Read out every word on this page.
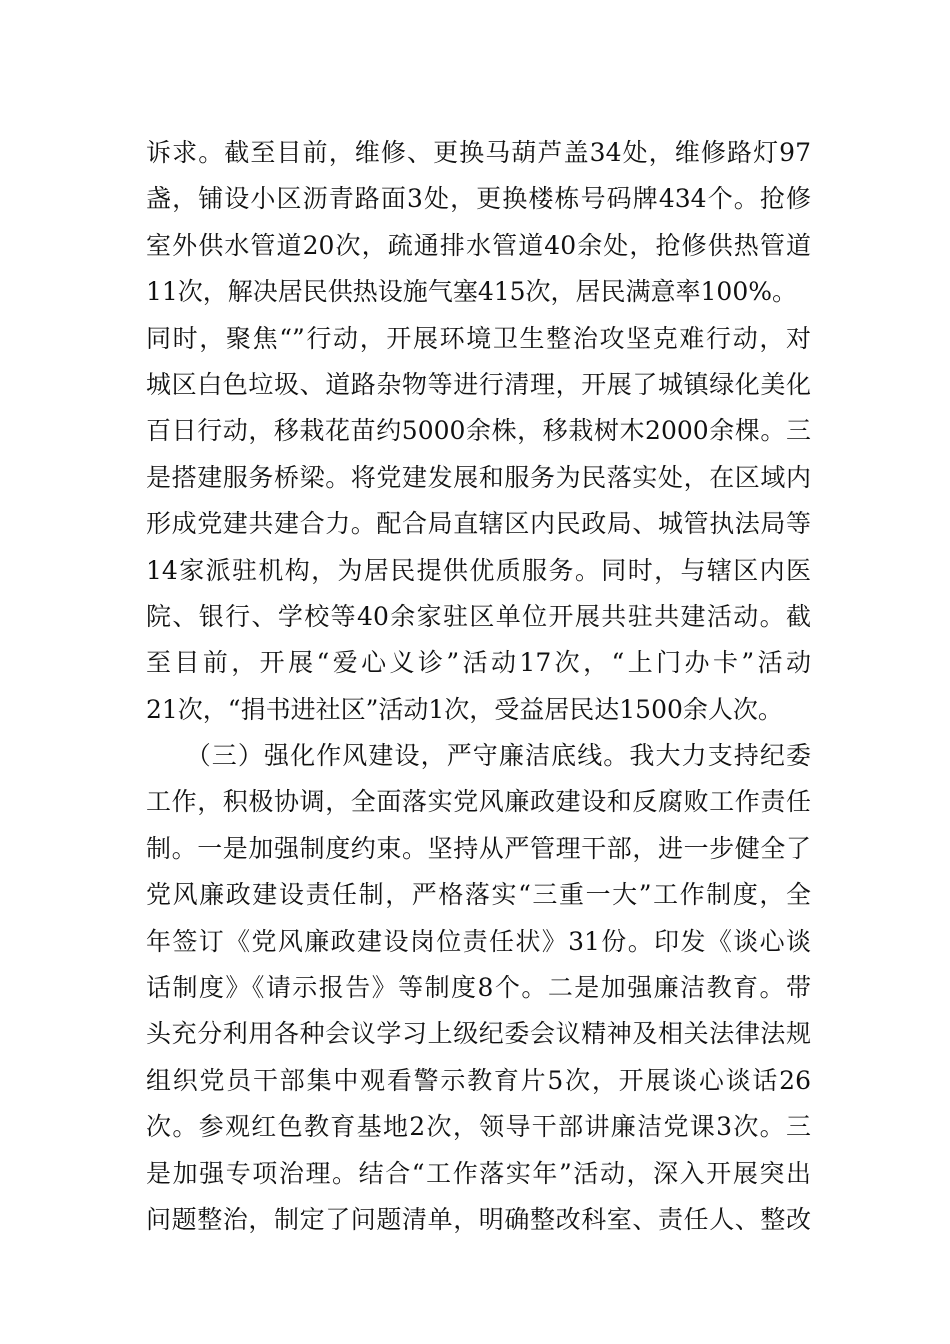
诉求。截至目前，维修、更换马葫芦盖34处，维修路灯97
盏，铺设小区沥青路面3处，更换楼栋号码牌434个。抢修
室外供水管道20次，疏通排水管道40余处，抢修供热管道
11次，解决居民供热设施气塞415次，居民满意率100%。
同时，聚焦“”行动，开展环境卫生整治攻坚克难行动，对
城区白色垃圾、道路杂物等进行清理，开展了城镇绿化美化
百日行动，移栽花苗约5000余株，移栽树木2000余棵。三
是搭建服务桥梁。将党建发展和服务为民落实处，在区域内
形成党建共建合力。配合局直辖区内民政局、城管执法局等
14家派驻机构，为居民提供优质服务。同时，与辖区内医
院、银行、学校等40余家驻区单位开展共驻共建活动。截
至目前，开展“爱心义诊”活动17次，“上门办卡”活动
21次，“捐书进社区”活动1次，受益居民达1500余人次。
　　（三）强化作风建设，严守廉洁底线。我大力支持纪委
工作，积极协调，全面落实党风廉政建设和反腐败工作责任
制。一是加强制度约束。坚持从严管理干部，进一步健全了
党风廉政建设责任制，严格落实“三重一大”工作制度，全
年签订《党风廉政建设岗位责任状》31份。印发《谈心谈
话制度》《请示报告》等制度8个。二是加强廉洁教育。带
头充分利用各种会议学习上级纪委会议精神及相关法律法规
组织党员干部集中观看警示教育片5次，开展谈心谈话26
次。参观红色教育基地2次，领导干部讲廉洁党课3次。三
是加强专项治理。结合“工作落实年”活动，深入开展突出
问题整治，制定了问题清单，明确整改科室、责任人、整改
